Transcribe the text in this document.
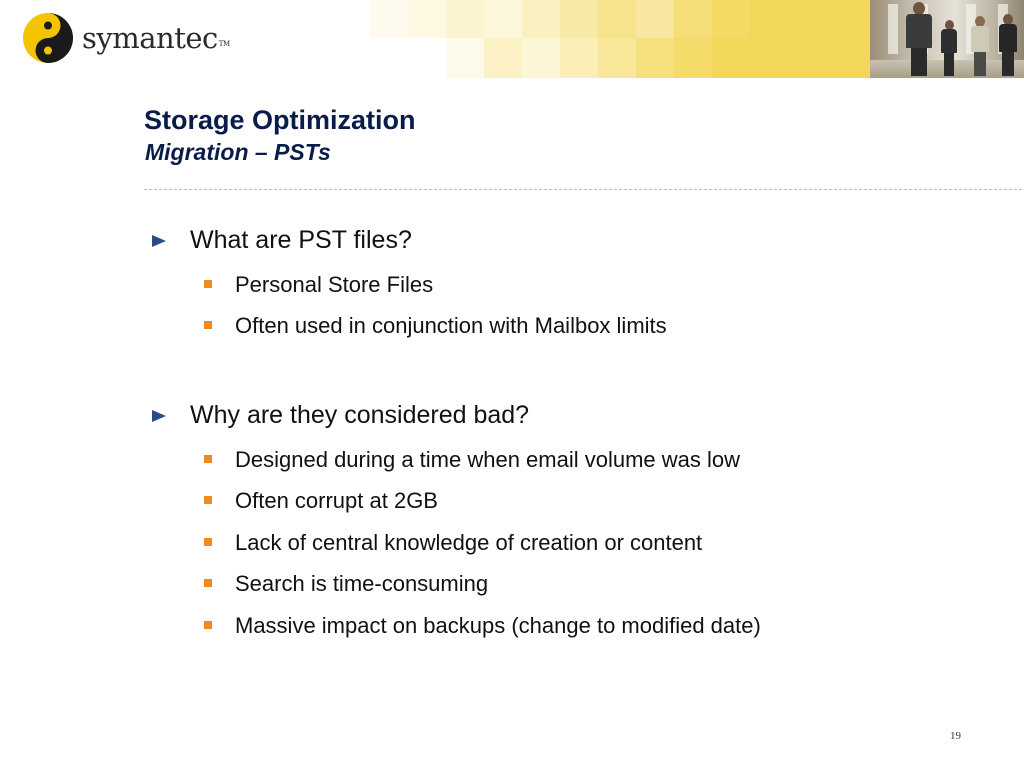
symantecTM
Storage Optimization
Migration – PSTs
What are PST files?
Personal Store Files
Often used in conjunction with Mailbox limits
Why are they considered bad?
Designed during a time when email volume was low
Often corrupt at 2GB
Lack of central knowledge of creation or content
Search is time-consuming
Massive impact on backups (change to modified date)
19
